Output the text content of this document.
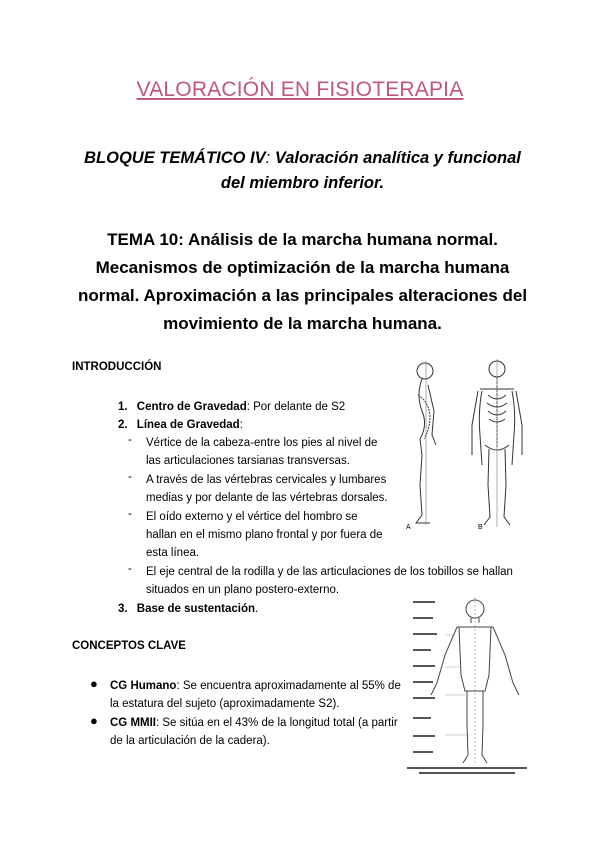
VALORACIÓN EN FISIOTERAPIA
BLOQUE TEMÁTICO IV: Valoración analítica y funcional
del miembro inferior.
TEMA 10: Análisis de la marcha humana normal.
Mecanismos de optimización de la marcha humana
normal. Aproximación a las principales alteraciones del
movimiento de la marcha humana.
INTRODUCCIÓN
1. Centro de Gravedad: Por delante de S2
2. Línea de Gravedad:
- Vértice de la cabeza-entre los pies al nivel de
las articulaciones tarsianas transversas.
- A través de las vértebras cervicales y lumbares
medias y por delante de las vértebras dorsales.
- El oído externo y el vértice del hombro se
hallan en el mismo plano frontal y por fuera de
esta línea.
- El eje central de la rodilla y de las articulaciones de los tobillos se hallan
situados en un plano postero-externo.
3. Base de sustentación.
A	B
CONCEPTOS CLAVE
● CG Humano: Se encuentra aproximadamente al 55% de
la estatura del sujeto (aproximadamente S2).
● CG MMII: Se sitúa en el 43% de la longitud total (a partir
de la articulación de la cadera).
